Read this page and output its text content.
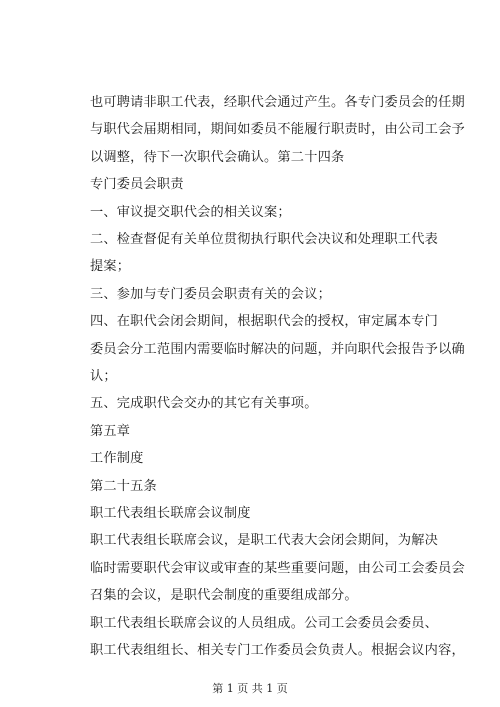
也可聘请非职工代表，经职代会通过产生。各专门委员会的任期
与职代会届期相同，期间如委员不能履行职责时，由公司工会予
以调整，待下一次职代会确认。第二十四条
专门委员会职责
一、审议提交职代会的相关议案；
二、检查督促有关单位贯彻执行职代会决议和处理职工代表
提案；
三、参加与专门委员会职责有关的会议；
四、在职代会闭会期间，根据职代会的授权，审定属本专门
委员会分工范围内需要临时解决的问题，并向职代会报告予以确
认；
五、完成职代会交办的其它有关事项。
第五章
工作制度
第二十五条
职工代表组长联席会议制度
职工代表组长联席会议，是职工代表大会闭会期间，为解决
临时需要职代会审议或审查的某些重要问题，由公司工会委员会
召集的会议，是职代会制度的重要组成部分。
职工代表组长联席会议的人员组成。公司工会委员会委员、
职工代表组组长、相关专门工作委员会负责人。根据会议内容，
第 1 页 共 1 页
